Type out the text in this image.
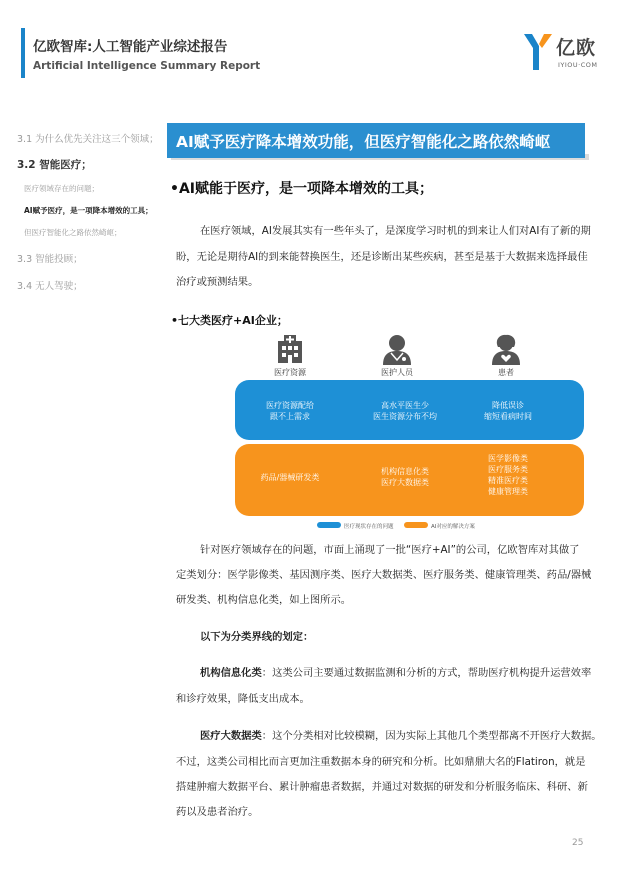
亿欧智库:人工智能产业综述报告
Artificial Intelligence Summary Report
亿欧
IYIOU·COM
3.1 为什么优先关注这三个领域；
3.2 智能医疗；
医疗领域存在的问题；
AI赋予医疗，是一项降本增效的工具；
但医疗智能化之路依然崎岖；
3.3 智能投顾；
3.4 无人驾驶；
AI赋予医疗降本增效功能，但医疗智能化之路依然崎岖
•AI赋能于医疗，是一项降本增效的工具；
在医疗领域，AI发展其实有一些年头了，是深度学习时机的到来让人们对AI有了新的期
盼，无论是期待AI的到来能替换医生，还是诊断出某些疾病，甚至是基于大数据来选择最佳
治疗或预测结果。
•七大类医疗+AI企业；
医疗资源	医护人员	患者
医疗资源配给
跟不上需求
高水平医生少
医生资源分布不均
降低误诊
缩短看病时间
药品/器械研发类
机构信息化类
医疗大数据类
医学影像类
医疗服务类
精准医疗类
健康管理类
医疗现状存在的问题	AI对应的解决方案
针对医疗领域存在的问题，市面上涌现了一批“医疗+AI”的公司，亿欧智库对其做了
定类划分：医学影像类、基因测序类、医疗大数据类、医疗服务类、健康管理类、药品/器械
研发类、机构信息化类，如上图所示。
以下为分类界线的划定：
机构信息化类：这类公司主要通过数据监测和分析的方式，帮助医疗机构提升运营效率
和诊疗效果，降低支出成本。
医疗大数据类：这个分类相对比较模糊，因为实际上其他几个类型都离不开医疗大数据。
不过，这类公司相比而言更加注重数据本身的研究和分析。比如鼎鼎大名的Flatiron，就是
搭建肿瘤大数据平台、累计肿瘤患者数据，并通过对数据的研发和分析服务临床、科研、新
药以及患者治疗。
25
